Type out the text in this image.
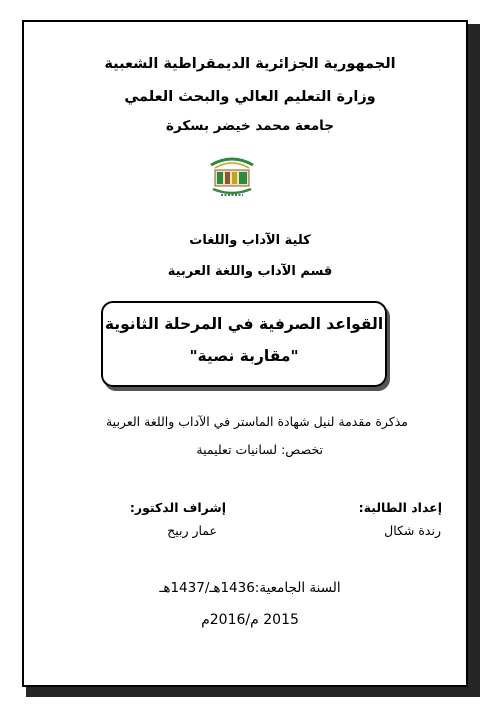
الجمهورية الجزائرية الديمقراطية الشعبية
وزارة التعليم العالي والبحث العلمي
جامعة محمد خيضر بسكرة
كلية الآداب واللغات
قسم الآداب واللغة العربية
القواعد الصرفية في المرحلة الثانوية
"مقاربة نصية"
مذكرة مقدمة لنيل شهادة الماستر في الآداب واللغة العربية
تخصص: لسانيات تعليمية
إعداد الطالبة:
رندة شكال
إشراف الدكتور:
عمار ربيح
السنة الجامعية:1436هـ/1437هـ
2015 م/2016م
